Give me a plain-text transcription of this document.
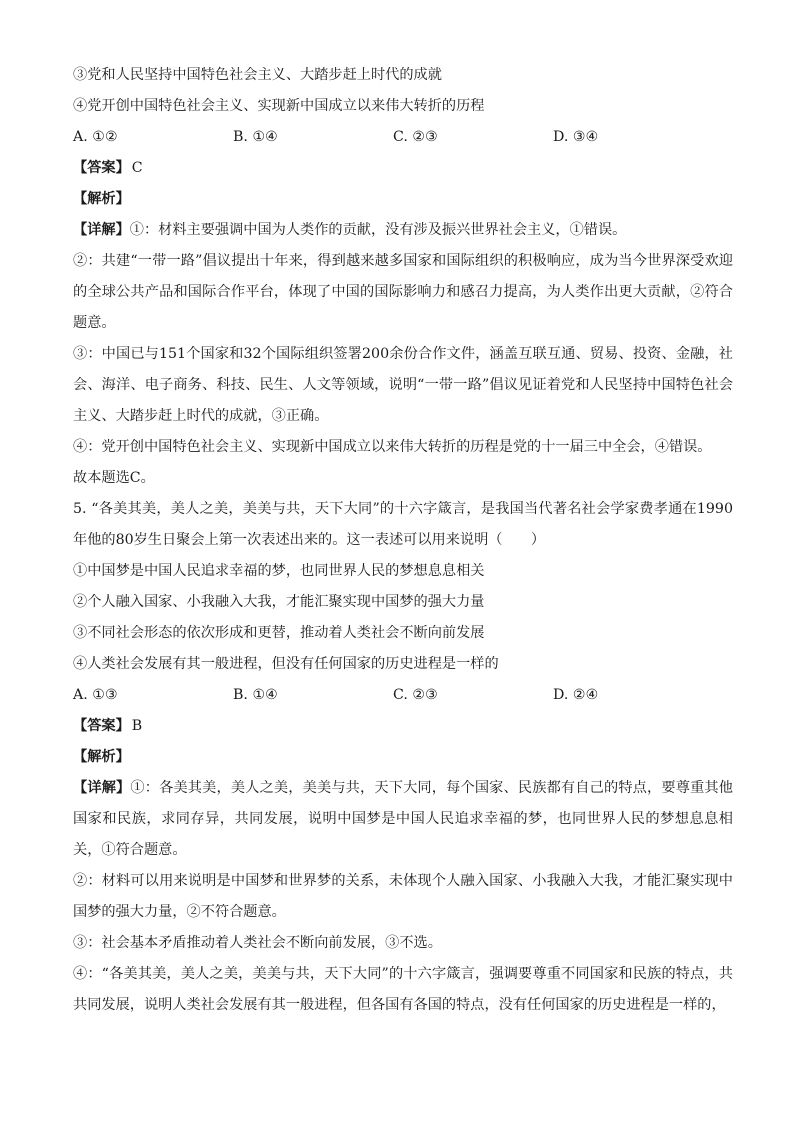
③党和人民坚持中国特色社会主义、大踏步赶上时代的成就
④党开创中国特色社会主义、实现新中国成立以来伟大转折的历程
A. ①②	B. ①④	C. ②③	D. ③④
【答案】 C
【解析】
【详解】①：材料主要强调中国为人类作的贡献，没有涉及振兴世界社会主义，①错误。
②：共建“一带一路”倡议提出十年来，得到越来越多国家和国际组织的积极响应，成为当今世界深受欢迎的全球公共产品和国际合作平台，体现了中国的国际影响力和感召力提高，为人类作出更大贡献，②符合题意。
③：中国已与151个国家和32个国际组织签署200余份合作文件，涵盖互联互通、贸易、投资、金融，社会、海洋、电子商务、科技、民生、人文等领域，说明“一带一路”倡议见证着党和人民坚持中国特色社会主义、大踏步赶上时代的成就，③正确。
④：党开创中国特色社会主义、实现新中国成立以来伟大转折的历程是党的十一届三中全会，④错误。
故本题选C。
5. “各美其美，美人之美，美美与共，天下大同”的十六字箴言，是我国当代著名社会学家费孝通在1990年他的80岁生日聚会上第一次表述出来的。这一表述可以用来说明（　　）
①中国梦是中国人民追求幸福的梦，也同世界人民的梦想息息相关
②个人融入国家、小我融入大我，才能汇聚实现中国梦的强大力量
③不同社会形态的依次形成和更替，推动着人类社会不断向前发展
④人类社会发展有其一般进程，但没有任何国家的历史进程是一样的
A. ①③	B. ①④	C. ②③	D. ②④
【答案】 B
【解析】
【详解】①：各美其美，美人之美，美美与共，天下大同，每个国家、民族都有自己的特点，要尊重其他国家和民族，求同存异，共同发展，说明中国梦是中国人民追求幸福的梦，也同世界人民的梦想息息相关，①符合题意。
②：材料可以用来说明是中国梦和世界梦的关系，未体现个人融入国家、小我融入大我，才能汇聚实现中国梦的强大力量，②不符合题意。
③：社会基本矛盾推动着人类社会不断向前发展，③不选。
④：“各美其美，美人之美，美美与共，天下大同”的十六字箴言，强调要尊重不同国家和民族的特点，共共同发展，说明人类社会发展有其一般进程，但各国有各国的特点，没有任何国家的历史进程是一样的，
